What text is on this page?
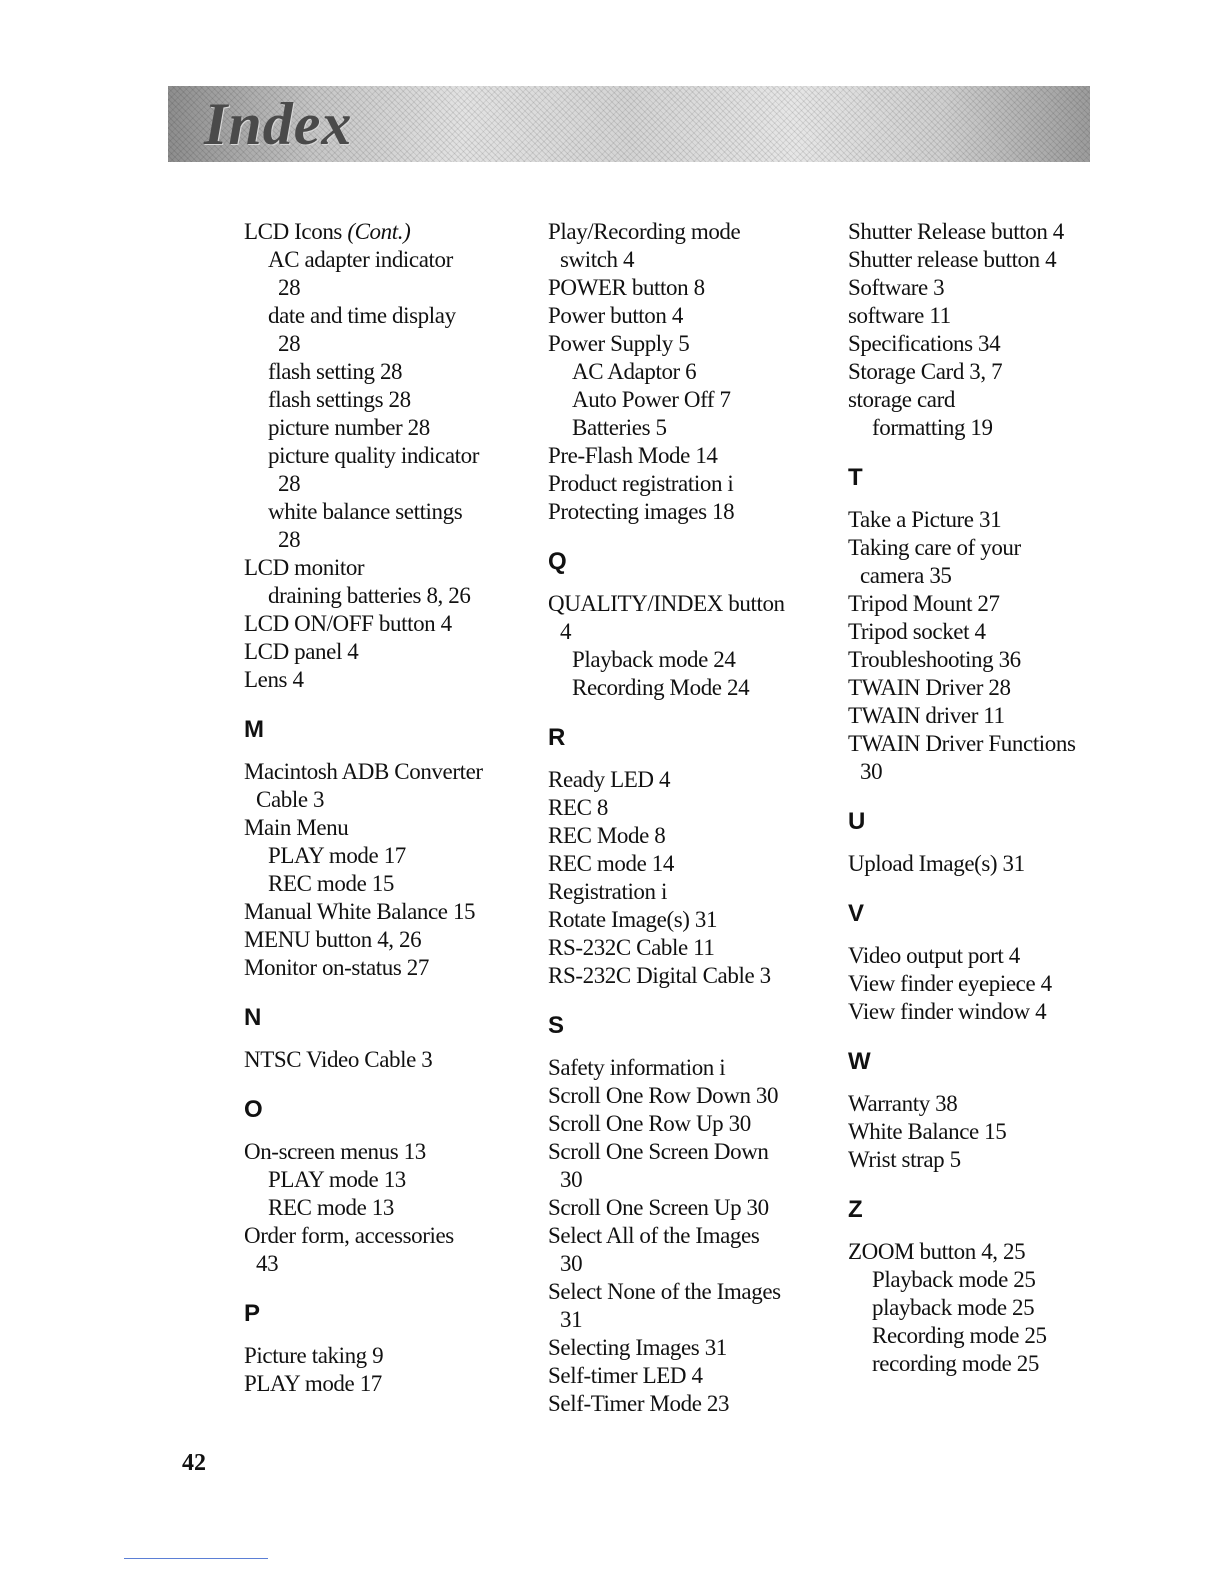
Index
LCD Icons (Cont.)
AC adapter indicator
28
date and time display
28
flash setting 28
flash settings 28
picture number 28
picture quality indicator
28
white balance settings
28
LCD monitor
draining batteries 8, 26
LCD ON/OFF button 4
LCD panel 4
Lens 4
M
Macintosh ADB Converter
Cable 3
Main Menu
PLAY mode 17
REC mode 15
Manual White Balance 15
MENU button 4, 26
Monitor on-status 27
N
NTSC Video Cable 3
O
On-screen menus 13
PLAY mode 13
REC mode 13
Order form, accessories
43
P
Picture taking 9
PLAY mode 17
Play/Recording mode
switch 4
POWER button 8
Power button 4
Power Supply 5
AC Adaptor 6
Auto Power Off 7
Batteries 5
Pre-Flash Mode 14
Product registration i
Protecting images 18
Q
QUALITY/INDEX button
4
Playback mode 24
Recording Mode 24
R
Ready LED 4
REC 8
REC Mode 8
REC mode 14
Registration i
Rotate Image(s) 31
RS-232C Cable 11
RS-232C Digital Cable 3
S
Safety information i
Scroll One Row Down 30
Scroll One Row Up 30
Scroll One Screen Down
30
Scroll One Screen Up 30
Select All of the Images
30
Select None of the Images
31
Selecting Images 31
Self-timer LED 4
Self-Timer Mode 23
Shutter Release button 4
Shutter release button 4
Software 3
software 11
Specifications 34
Storage Card 3, 7
storage card
formatting 19
T
Take a Picture 31
Taking care of your
camera 35
Tripod Mount 27
Tripod socket 4
Troubleshooting 36
TWAIN Driver 28
TWAIN driver 11
TWAIN Driver Functions
30
U
Upload Image(s) 31
V
Video output port 4
View finder eyepiece 4
View finder window 4
W
Warranty 38
White Balance 15
Wrist strap 5
Z
ZOOM button 4, 25
Playback mode 25
playback mode 25
Recording mode 25
recording mode 25
42
